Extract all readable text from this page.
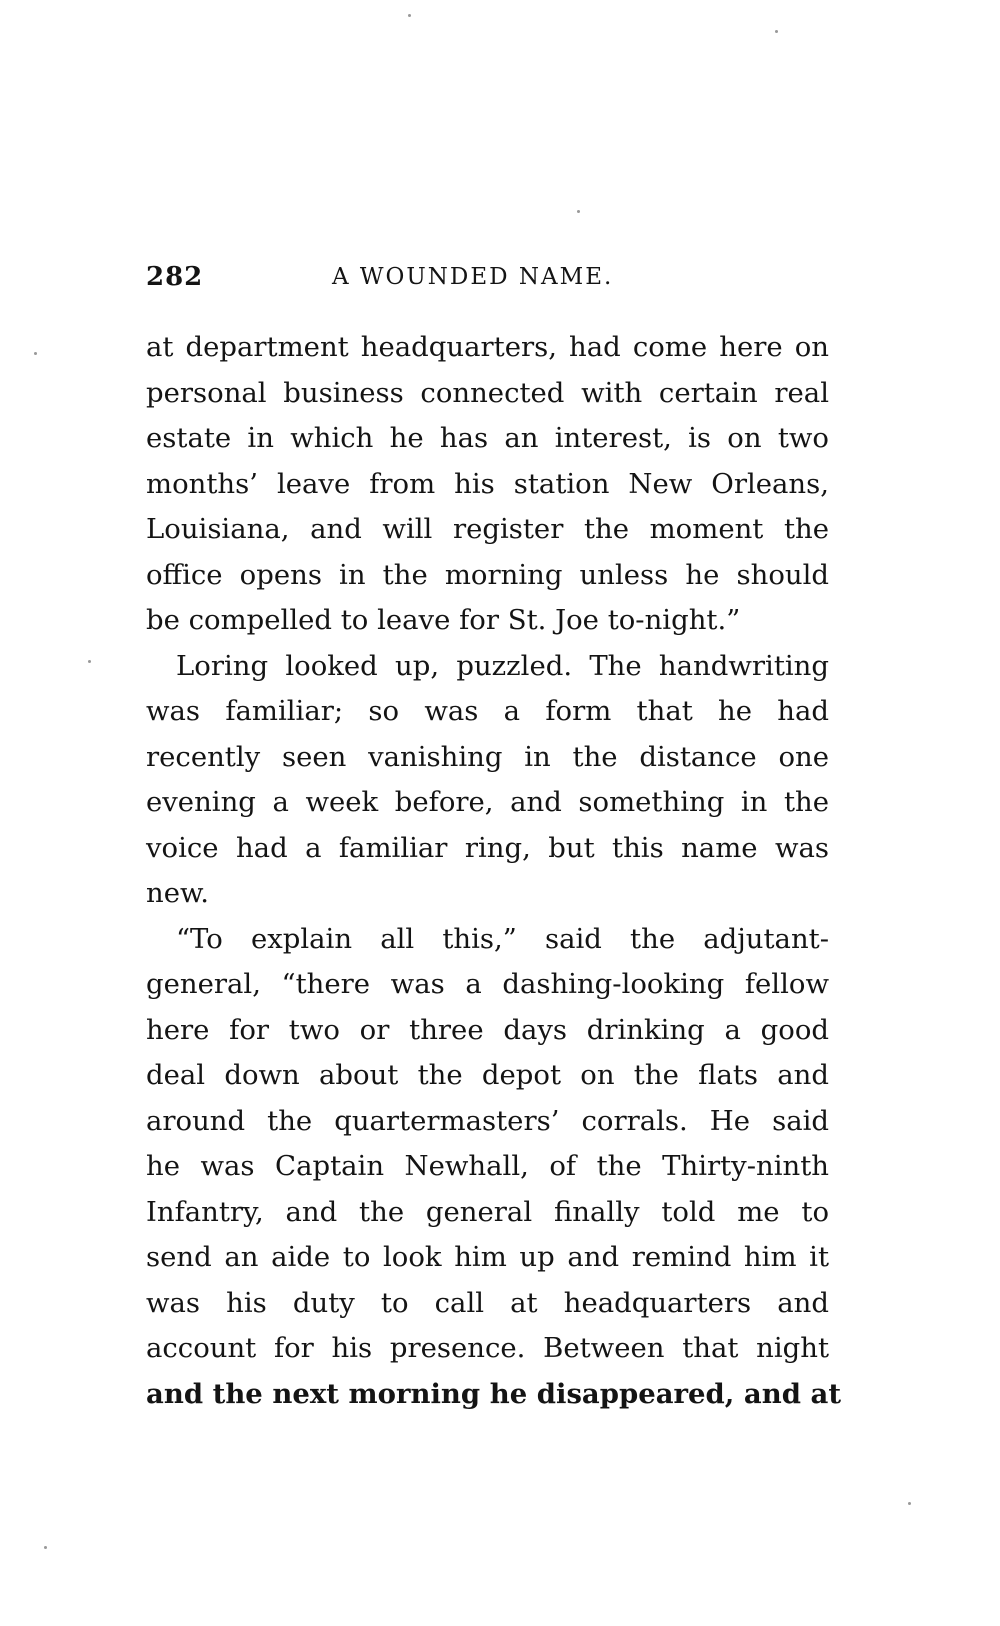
282	A WOUNDED NAME.
at department headquarters, had come here on
personal business connected with certain real
estate in which he has an interest, is on two
months’ leave from his station New Orleans,
Louisiana, and will register the moment the
office opens in the morning unless he should
be compelled to leave for St. Joe to-night.”
Loring looked up, puzzled. The handwriting
was familiar; so was a form that he had
recently seen vanishing in the distance one
evening a week before, and something in the
voice had a familiar ring, but this name was
new.
“To explain all this,” said the adjutant-
general, “there was a dashing-looking fellow
here for two or three days drinking a good
deal down about the depot on the flats and
around the quartermasters’ corrals. He said
he was Captain Newhall, of the Thirty-ninth
Infantry, and the general finally told me to
send an aide to look him up and remind him it
was his duty to call at headquarters and
account for his presence. Between that night
and the next morning he disappeared, and at
